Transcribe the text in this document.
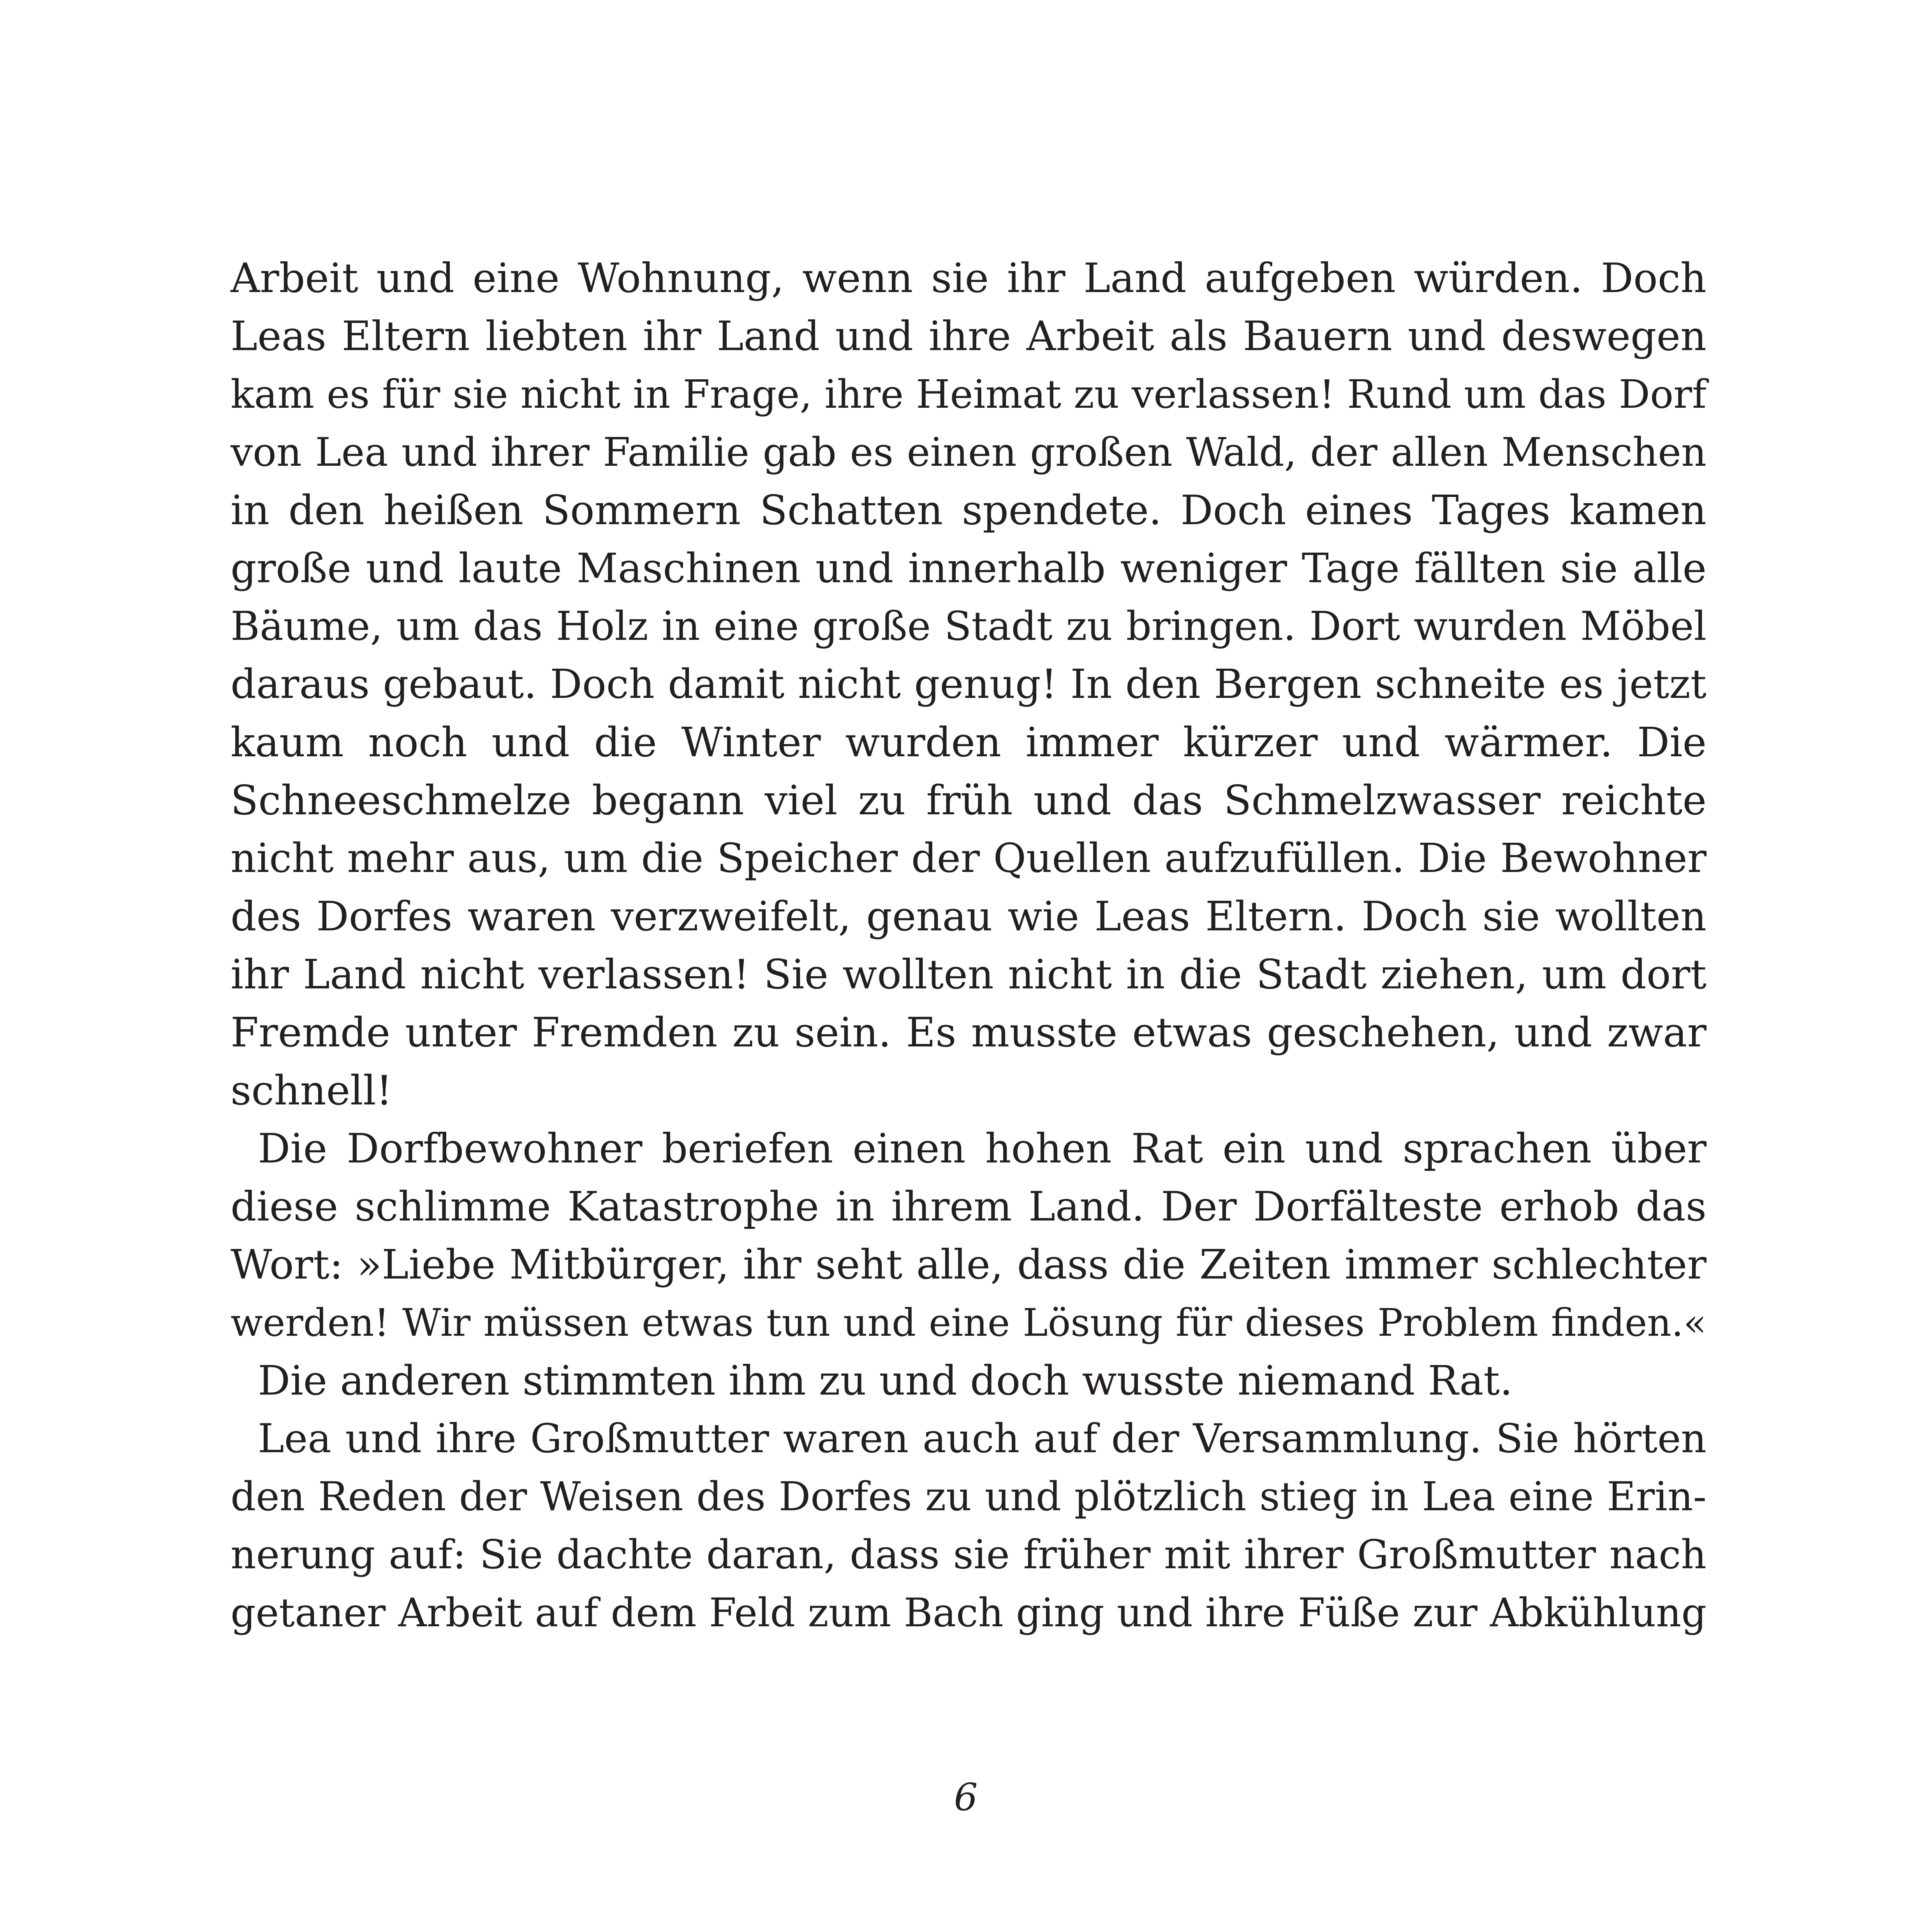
Arbeit und eine Wohnung, wenn sie ihr Land aufgeben würden. Doch
Leas Eltern liebten ihr Land und ihre Arbeit als Bauern und deswegen
kam es für sie nicht in Frage, ihre Heimat zu verlassen! Rund um das Dorf
von Lea und ihrer Familie gab es einen großen Wald, der allen Menschen
in den heißen Sommern Schatten spendete. Doch eines Tages kamen
große und laute Maschinen und innerhalb weniger Tage fällten sie alle
Bäume, um das Holz in eine große Stadt zu bringen. Dort wurden Möbel
daraus gebaut. Doch damit nicht genug! In den Bergen schneite es jetzt
kaum noch und die Winter wurden immer kürzer und wärmer. Die
Schneeschmelze begann viel zu früh und das Schmelzwasser reichte
nicht mehr aus, um die Speicher der Quellen aufzufüllen. Die Bewohner
des Dorfes waren verzweifelt, genau wie Leas Eltern. Doch sie wollten
ihr Land nicht verlassen! Sie wollten nicht in die Stadt ziehen, um dort
Fremde unter Fremden zu sein. Es musste etwas geschehen, und zwar
schnell!
Die Dorfbewohner beriefen einen hohen Rat ein und sprachen über
diese schlimme Katastrophe in ihrem Land. Der Dorfälteste erhob das
Wort: »Liebe Mitbürger, ihr seht alle, dass die Zeiten immer schlechter
werden! Wir müssen etwas tun und eine Lösung für dieses Problem finden.«
Die anderen stimmten ihm zu und doch wusste niemand Rat.
Lea und ihre Großmutter waren auch auf der Versammlung. Sie hörten
den Reden der Weisen des Dorfes zu und plötzlich stieg in Lea eine Erin-
nerung auf: Sie dachte daran, dass sie früher mit ihrer Großmutter nach
getaner Arbeit auf dem Feld zum Bach ging und ihre Füße zur Abkühlung
6
